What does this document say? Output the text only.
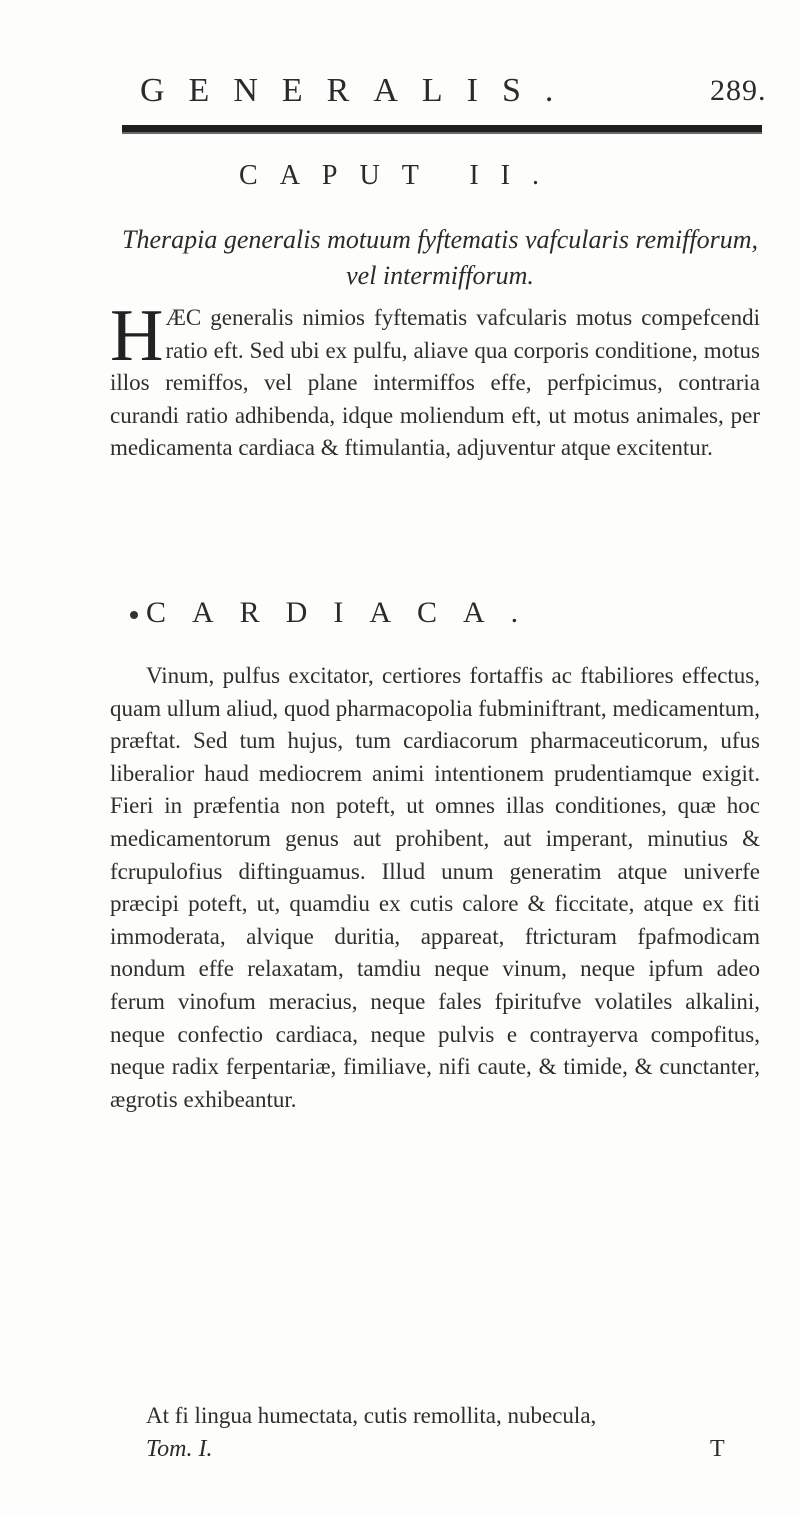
GENERALIS.	289.
CAPUT II.
Therapia generalis motuum fyftematis vafcularis remifforum, vel intermifforum.
H ÆC generalis nimios fyftematis vafcularis motus compefcendi ratio eft. Sed ubi ex pulfu, aliave qua corporis conditione, motus illos remiffos, vel plane intermiffos effe, perfpicimus, contraria curandi ratio adhibenda, idque moliendum eft, ut motus animales, per medicamenta cardiaca & ftimulantia, adjuventur atque excitentur.
CARDIACA.
Vinum, pulfus excitator, certiores fortaffis ac ftabiliores effectus, quam ullum aliud, quod pharmacopolia fubminiftrant, medicamentum, præftat. Sed tum hujus, tum cardiacorum pharmaceuticorum, ufus liberalior haud mediocrem animi intentionem prudentiamque exigit. Fieri in præfentia non poteft, ut omnes illas conditiones, quæ hoc medicamentorum genus aut prohibent, aut imperant, minutius & fcrupulofius diftinguamus. Illud unum generatim atque univerfe præcipi poteft, ut, quamdiu ex cutis calore & ficcitate, atque ex fiti immoderata, alvique duritia, appareat, ftricturam fpafmodicam nondum effe relaxatam, tamdiu neque vinum, neque ipfum adeo ferum vinofum meracius, neque fales fpiritufve volatiles alkalini, neque confectio cardiaca, neque pulvis e contrayerva compofitus, neque radix ferpentariæ, fimiliave, nifi caute, & timide, & cunctanter, ægrotis exhibeantur.
At fi lingua humectata, cutis remollita, nubecula,
Tom. I.	T
